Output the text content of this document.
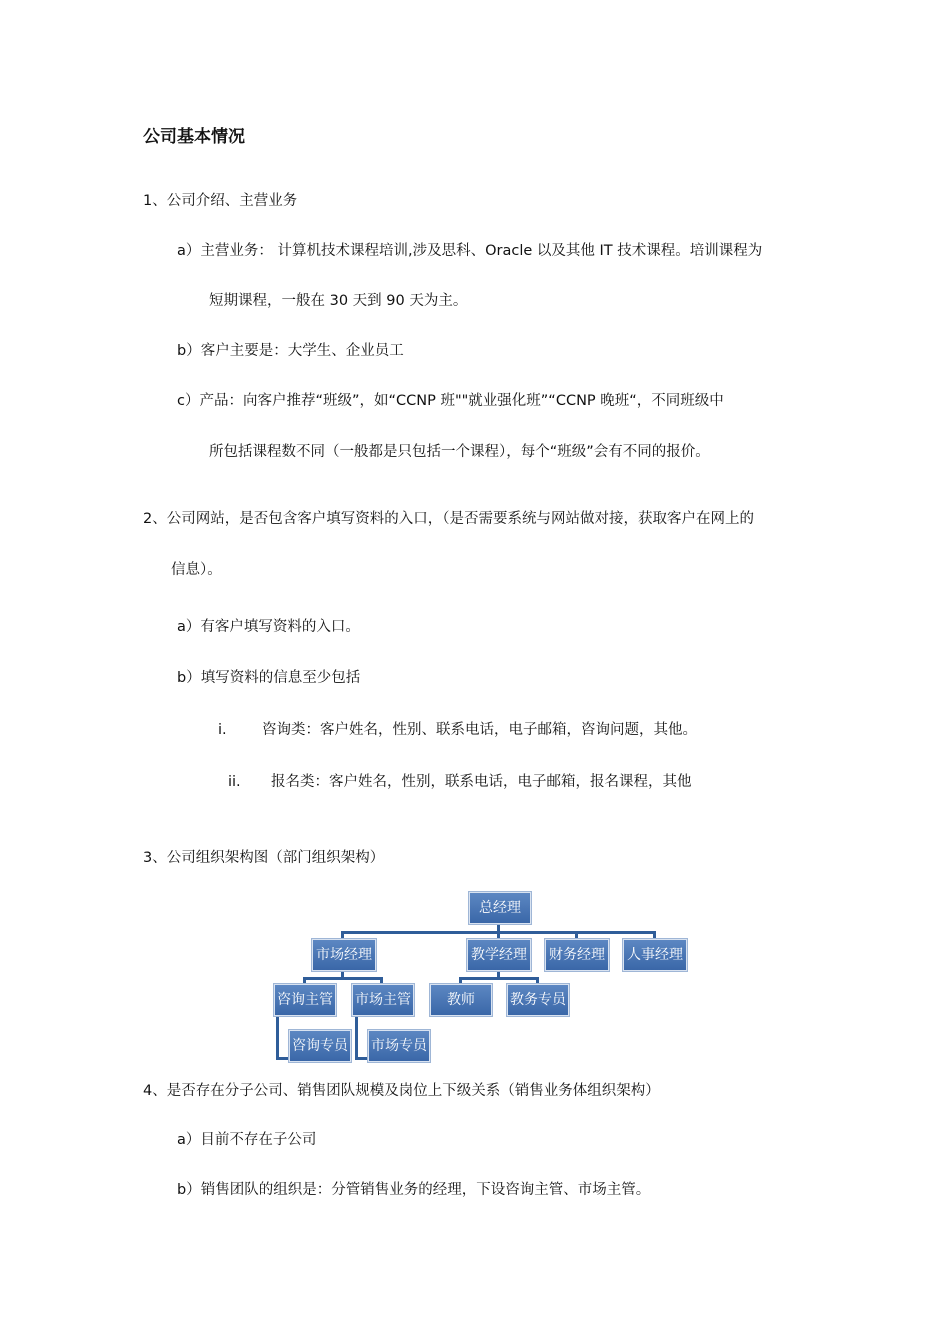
公司基本情况
1、公司介绍、主营业务
a）主营业务： 计算机技术课程培训,涉及思科、Oracle 以及其他 IT 技术课程。培训课程为
短期课程，一般在 30 天到 90 天为主。
b）客户主要是：大学生、企业员工
c）产品：向客户推荐“班级”，如“CCNP 班""就业强化班”“CCNP 晚班“，不同班级中
所包括课程数不同（一般都是只包括一个课程），每个“班级”会有不同的报价。
2、公司网站，是否包含客户填写资料的入口，（是否需要系统与网站做对接，获取客户在网上的
信息）。
a）有客户填写资料的入口。
b）填写资料的信息至少包括
i. 咨询类：客户姓名，性别、联系电话，电子邮箱，咨询问题，其他。
ii. 报名类：客户姓名，性别，联系电话，电子邮箱，报名课程，其他
3、公司组织架构图（部门组织架构）
总经理
市场经理	教学经理 财务经理 人事经理
咨询主管 市场主管	教师	教务专员
咨询专员 市场专员
4、是否存在分子公司、销售团队规模及岗位上下级关系（销售业务体组织架构）
a）目前不存在子公司
b）销售团队的组织是：分管销售业务的经理，下设咨询主管、市场主管。
